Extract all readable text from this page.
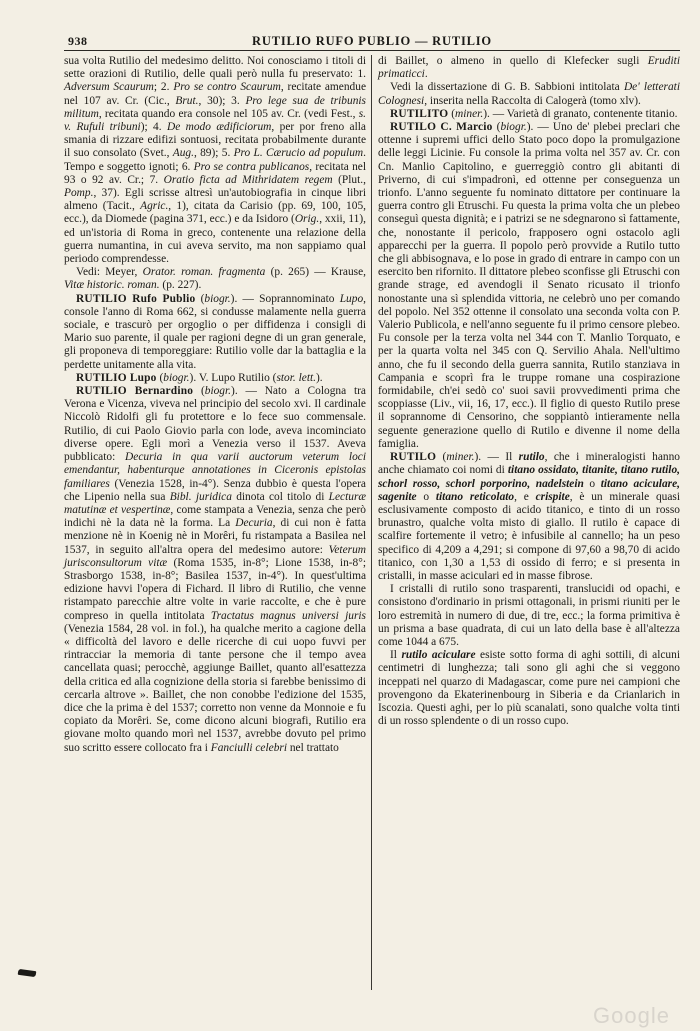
938	RUTILIO RUFO PUBLIO — RUTILIO

sua volta Rutilio del medesimo delitto. Noi conosciamo i titoli di sette orazioni di Rutilio, delle quali però nulla fu preservato: 1. Adversum Scaurum; 2. Pro se contro Scaurum, recitate amendue nel 107 av. Cr. (Cic., Brut., 30); 3. Pro lege sua de tribunis militum, recitata quando era console nel 105 av. Cr. (vedi Fest., s. v. Rufuli tribuni); 4. De modo ædificiorum, per por freno alla smania di rizzare edifizi sontuosi, recitata probabilmente durante il suo consolato (Svet., Aug., 89); 5. Pro L. Cærucio ad populum. Tempo e soggetto ignoti; 6. Pro se contra publicanos, recitata nel 93 o 92 av. Cr.; 7. Oratio ficta ad Mithridatem regem (Plut., Pomp., 37). Egli scrisse altresì un'autobiografia in cinque libri almeno (Tacit., Agric., 1), citata da Carisio (pp. 69, 100, 105, ecc.), da Diomede (pagina 371, ecc.) e da Isidoro (Orig., xxii, 11), ed un'istoria di Roma in greco, contenente una relazione della guerra numantina, in cui aveva servito, ma non sappiamo qual periodo comprendesse.

Vedi: Meyer, Orator. roman. fragmenta (p. 265) — Krause, Vitæ historic. roman. (p. 227).

RUTILIO Rufo Publio (biogr.). — Soprannominato Lupo, console l'anno di Roma 662, si condusse malamente nella guerra sociale, e trascurò per orgoglio o per diffidenza i consigli di Mario suo parente, il quale per ragioni degne di un gran generale, gli proponeva di temporeggiare: Rutilio volle dar la battaglia e la perdette unitamente alla vita.

RUTILIO Lupo (biogr.). V. Lupo Rutilio (stor. lett.).

RUTILIO Bernardino (biogr.). — Nato a Cologna tra Verona e Vicenza, viveva nel principio del secolo xvi. Il cardinale Niccolò Ridolfi gli fu protettore e lo fece suo commensale. Rutilio, di cui Paolo Giovio parla con lode, aveva incominciato diverse opere. Egli morì a Venezia verso il 1537. Aveva pubblicato: Decuria in qua varii auctorum veterum loci emendantur, habenturque annotationes in Ciceronis epistolas familiares (Venezia 1528, in-4°). Senza dubbio è questa l'opera che Lipenio nella sua Bibl. juridica dinota col titolo di Lecturæ matutinæ et vespertinæ, come stampata a Venezia, senza che però indichi nè la data nè la forma. La Decuria, di cui non è fatta menzione nè in Koenig nè in Morêri, fu ristampata a Basilea nel 1537, in seguito all'altra opera del medesimo autore: Veterum jurisconsultorum vitæ (Roma 1535, in-8°; Lione 1538, in-8°; Strasborgo 1538, in-8°; Basilea 1537, in-4°). In quest'ultima edizione havvi l'opera di Fichard. Il libro di Rutilio, che venne ristampato parecchie altre volte in varie raccolte, e che è pure compreso in quella intitolata Tractatus magnus universi juris (Venezia 1584, 28 vol. in fol.), ha qualche merito a cagione della « difficoltà del lavoro e delle ricerche di cui uopo fuvvi per rintracciar la memoria di tante persone che il tempo avea cancellata quasi; perocchè, aggiunge Baillet, quanto all'esattezza della critica ed alla cognizione della storia si farebbe benissimo di cercarla altrove ». Baillet, che non conobbe l'edizione del 1535, dice che la prima è del 1537; corretto non venne da Monnoie e fu copiato da Morêri. Se, come dicono alcuni biografi, Rutilio era giovane molto quando morì nel 1537, avrebbe dovuto pel primo suo scritto essere collocato fra i Fanciulli celebri nel trattato

di Baillet, o almeno in quello di Klefecker sugli Eruditi primaticci.

Vedi la dissertazione di G. B. Sabbioni intitolata De' letterati Colognesi, inserita nella Raccolta di Calogerà (tomo xlv).

RUTILITO (miner.). — Varietà di granato, contenente titanio.

RUTILO C. Marcio (biogr.). — Uno de' plebei preclari che ottenne i supremi uffici dello Stato poco dopo la promulgazione delle leggi Licinie. Fu console la prima volta nel 357 av. Cr. con Cn. Manlio Capitolino, e guerreggiò contro gli abitanti di Priverno, di cui s'impadronì, ed ottenne per conseguenza un trionfo. L'anno seguente fu nominato dittatore per continuare la guerra contro gli Etruschi. Fu questa la prima volta che un plebeo conseguì questa dignità; e i patrizi se ne sdegnarono sì fattamente, che, nonostante il pericolo, frapposero ogni ostacolo agli apparecchi per la guerra. Il popolo però provvide a Rutilo tutto che gli abbisognava, e lo pose in grado di entrare in campo con un esercito ben rifornito. Il dittatore plebeo sconfisse gli Etruschi con grande strage, ed avendogli il Senato ricusato il trionfo nonostante una sì splendida vittoria, ne celebrò uno per comando del popolo. Nel 352 ottenne il consolato una seconda volta con P. Valerio Publicola, e nell'anno seguente fu il primo censore plebeo. Fu console per la terza volta nel 344 con T. Manlio Torquato, e per la quarta volta nel 345 con Q. Servilio Ahala. Nell'ultimo anno, che fu il secondo della guerra sannita, Rutilo stanziava in Campania e scoprì fra le truppe romane una cospirazione formidabile, ch'ei sedò co' suoi savii provvedimenti prima che scoppiasse (Liv., vii, 16, 17, ecc.). Il figlio di questo Rutilo prese il soprannome di Censorino, che soppiantò intieramente nella seguente generazione quello di Rutilo e divenne il nome della famiglia.

RUTILO (miner.). — Il rutilo, che i mineralogisti hanno anche chiamato coi nomi di titano ossidato, titanite, titano rutilo, schorl rosso, schorl porporino, nadelstein o titano aciculare, sagenite o titano reticolato, e crispite, è un minerale quasi esclusivamente composto di acido titanico, e tinto di un rosso brunastro, qualche volta misto di giallo. Il rutilo è capace di scalfire fortemente il vetro; è infusibile al cannello; ha un peso specifico di 4,209 a 4,291; si compone di 97,60 a 98,70 di acido titanico, con 1,30 a 1,53 di ossido di ferro; e si presenta in cristalli, in masse aciculari ed in masse fibrose.

I cristalli di rutilo sono trasparenti, translucidi od opachi, e consistono d'ordinario in prismi ottagonali, in prismi riuniti per le loro estremità in numero di due, di tre, ecc.; la forma primitiva è un prisma a base quadrata, di cui un lato della base è all'altezza come 1044 a 675.

Il rutilo aciculare esiste sotto forma di aghi sottili, di alcuni centimetri di lunghezza; tali sono gli aghi che si veggono inceppati nel quarzo di Madagascar, come pure nei campioni che provengono da Ekaterinenbourg in Siberia e da Crianlarich in Iscozia. Questi aghi, per lo più scanalati, sono qualche volta tinti di un rosso splendente o di un rosso cupo.

Google
